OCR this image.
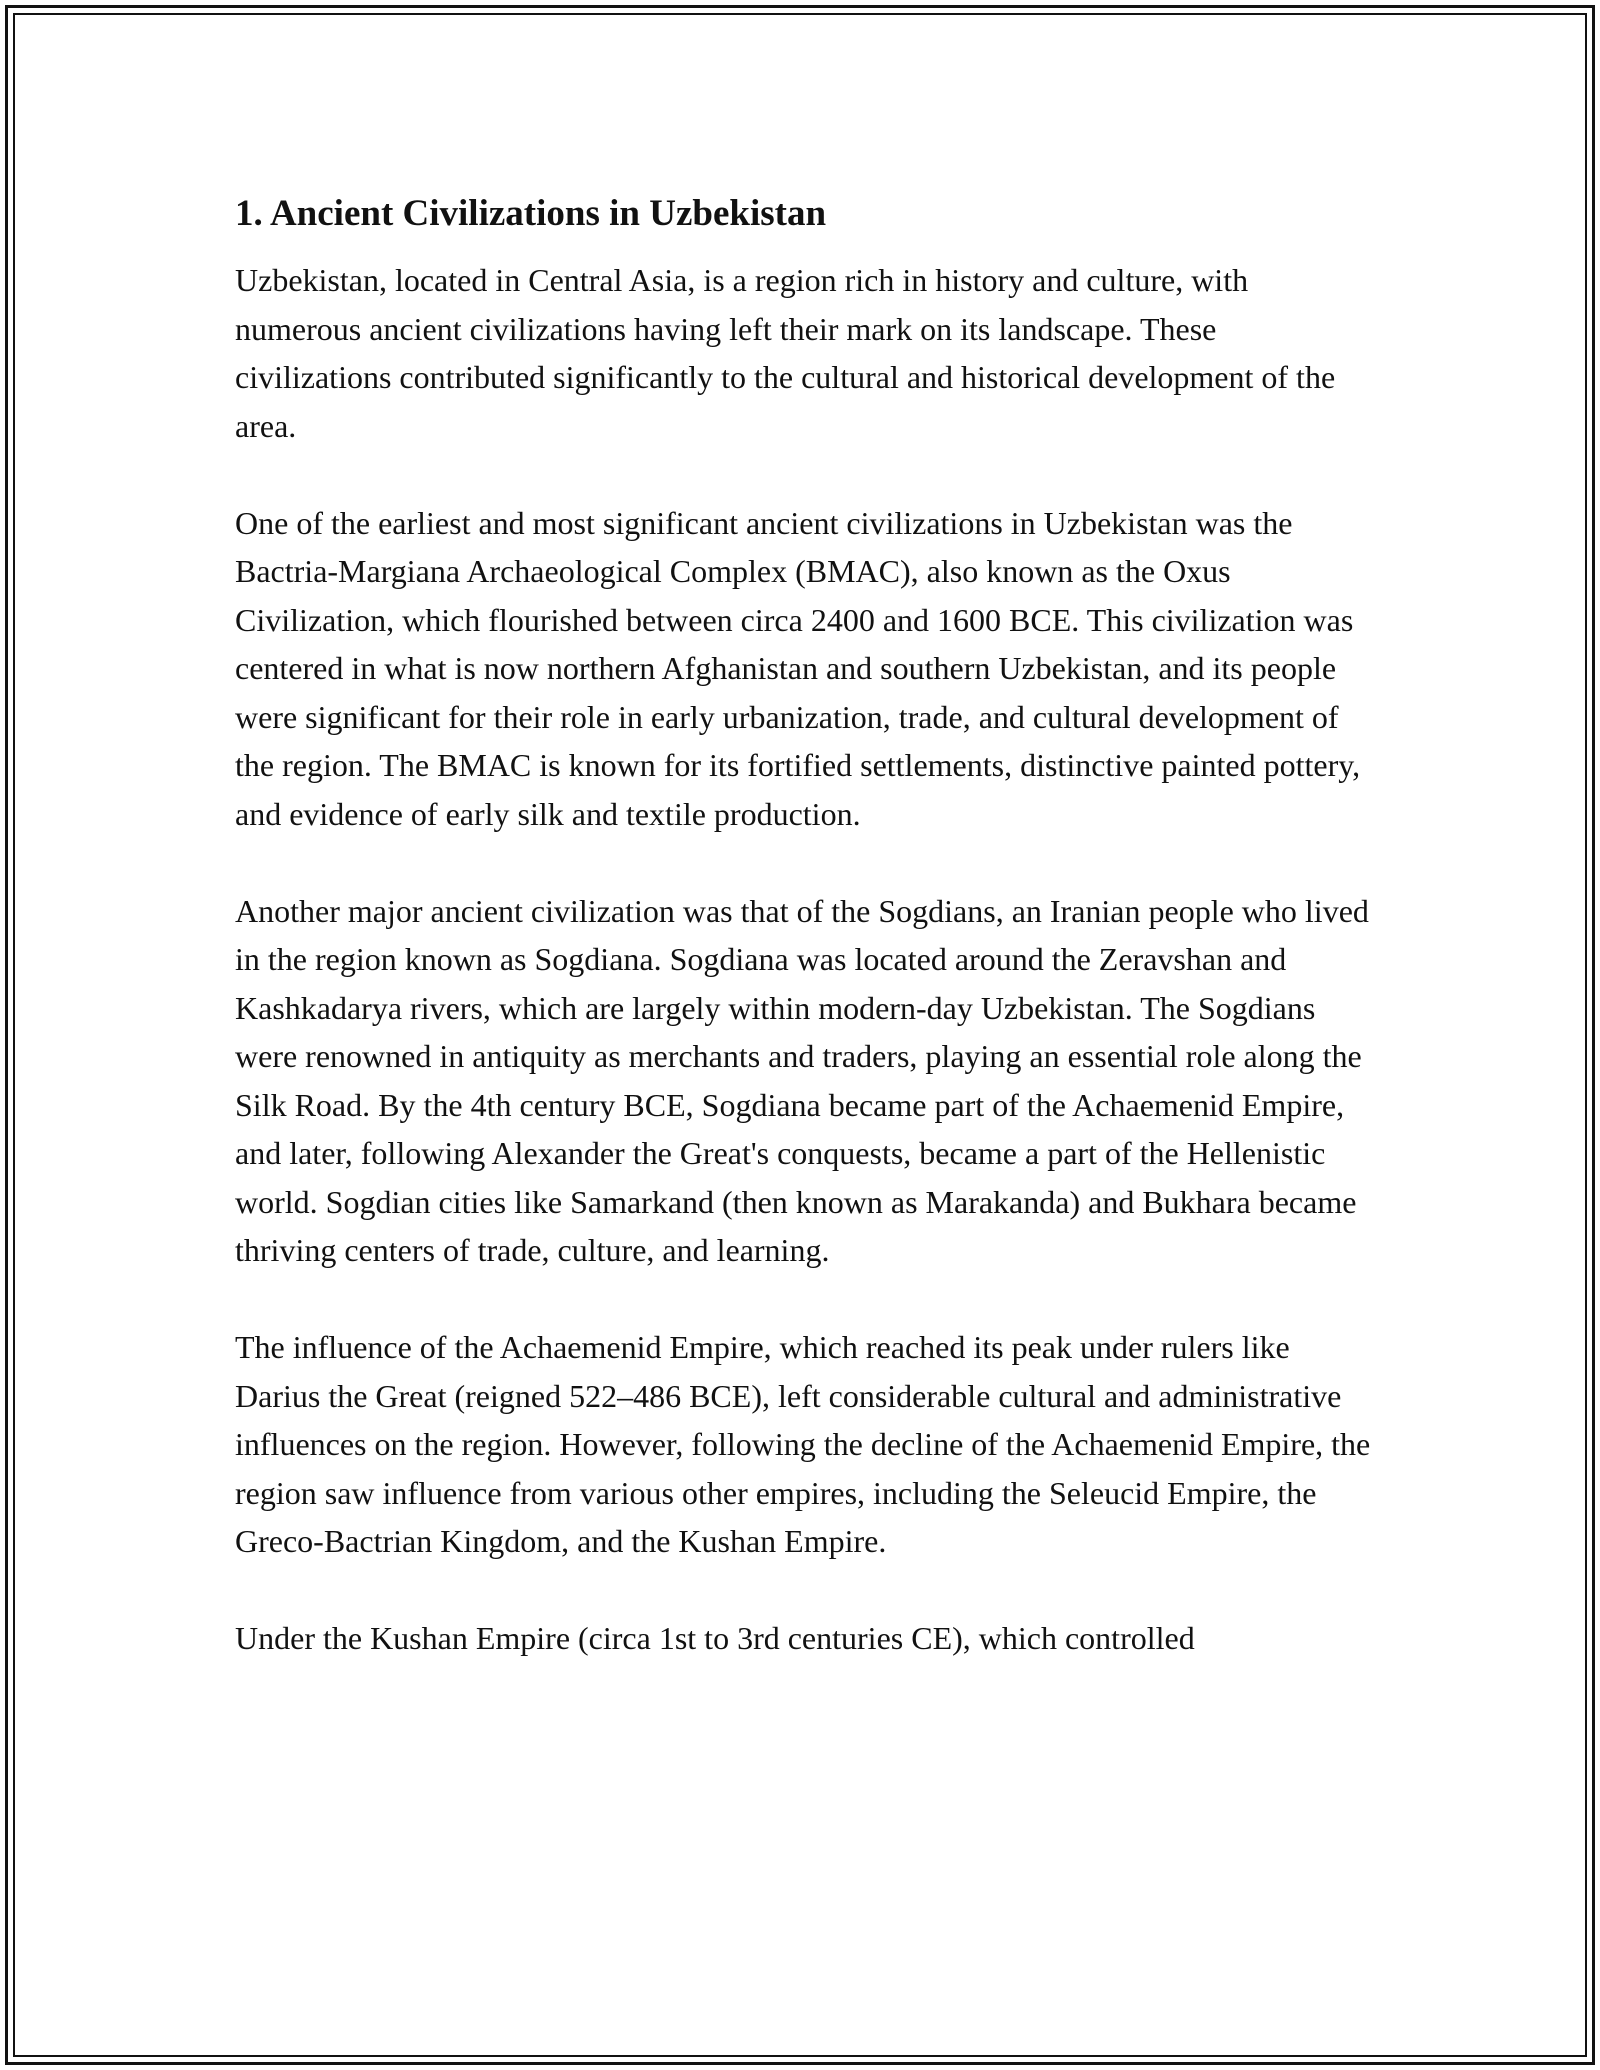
1. Ancient Civilizations in Uzbekistan

Uzbekistan, located in Central Asia, is a region rich in history and culture, with numerous ancient civilizations having left their mark on its landscape. These civilizations contributed significantly to the cultural and historical development of the area.

One of the earliest and most significant ancient civilizations in Uzbekistan was the Bactria-Margiana Archaeological Complex (BMAC), also known as the Oxus Civilization, which flourished between circa 2400 and 1600 BCE. This civilization was centered in what is now northern Afghanistan and southern Uzbekistan, and its people were significant for their role in early urbanization, trade, and cultural development of the region. The BMAC is known for its fortified settlements, distinctive painted pottery, and evidence of early silk and textile production.

Another major ancient civilization was that of the Sogdians, an Iranian people who lived in the region known as Sogdiana. Sogdiana was located around the Zeravshan and Kashkadarya rivers, which are largely within modern-day Uzbekistan. The Sogdians were renowned in antiquity as merchants and traders, playing an essential role along the Silk Road. By the 4th century BCE, Sogdiana became part of the Achaemenid Empire, and later, following Alexander the Great's conquests, became a part of the Hellenistic world. Sogdian cities like Samarkand (then known as Marakanda) and Bukhara became thriving centers of trade, culture, and learning.

The influence of the Achaemenid Empire, which reached its peak under rulers like Darius the Great (reigned 522–486 BCE), left considerable cultural and administrative influences on the region. However, following the decline of the Achaemenid Empire, the region saw influence from various other empires, including the Seleucid Empire, the Greco-Bactrian Kingdom, and the Kushan Empire.

Under the Kushan Empire (circa 1st to 3rd centuries CE), which controlled
